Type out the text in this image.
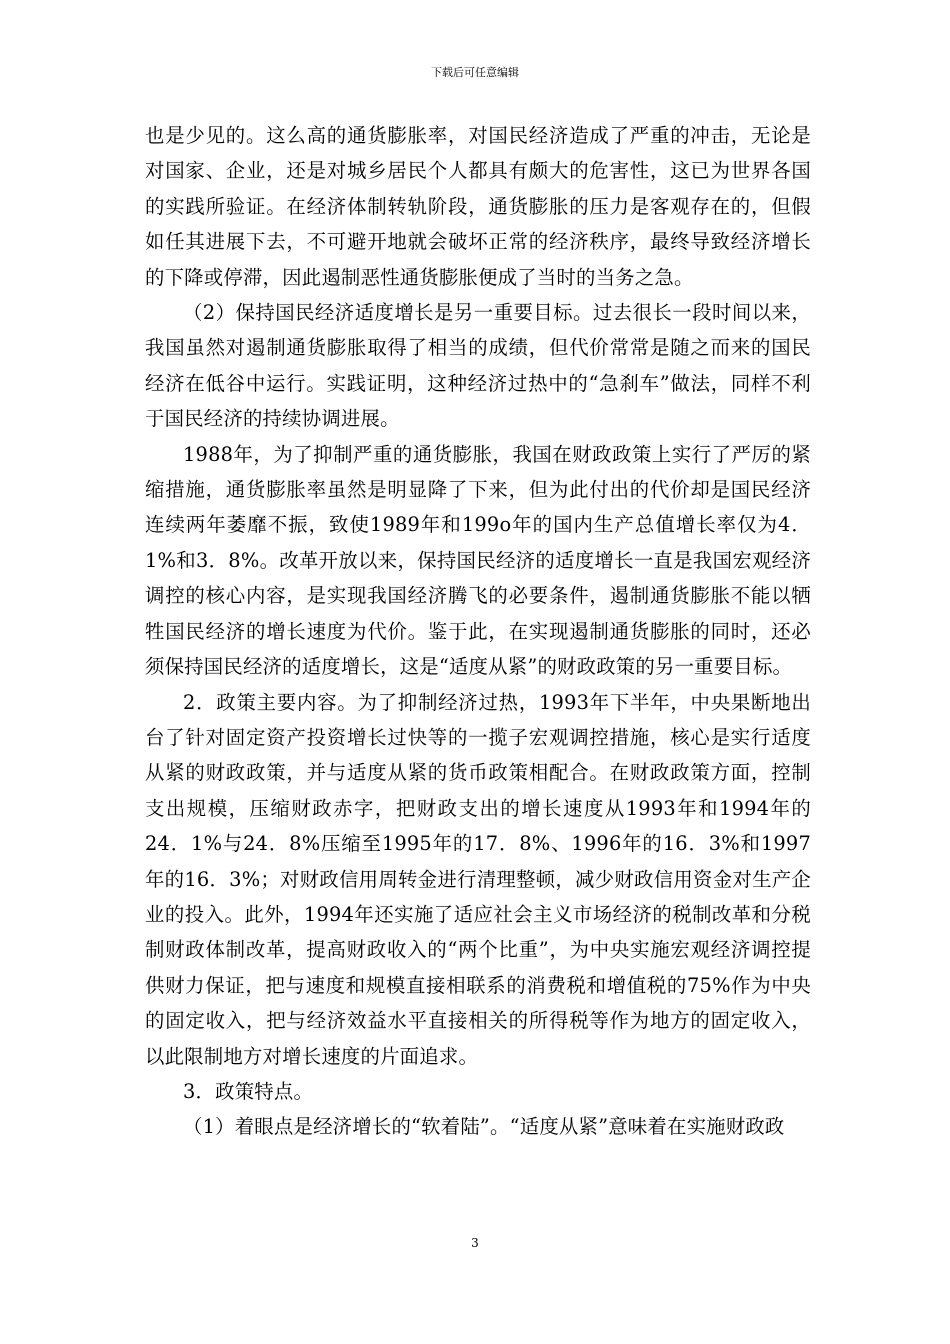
下载后可任意编辑

也是少见的。这么高的通货膨胀率，对国民经济造成了严重的冲击，无论是对国家、企业，还是对城乡居民个人都具有颇大的危害性，这已为世界各国的实践所验证。在经济体制转轨阶段，通货膨胀的压力是客观存在的，但假如任其进展下去，不可避开地就会破坏正常的经济秩序，最终导致经济增长的下降或停滞，因此遏制恶性通货膨胀便成了当时的当务之急。

（2）保持国民经济适度增长是另一重要目标。过去很长一段时间以来，我国虽然对遏制通货膨胀取得了相当的成绩，但代价常常是随之而来的国民经济在低谷中运行。实践证明，这种经济过热中的“急刹车”做法，同样不利于国民经济的持续协调进展。

1988年，为了抑制严重的通货膨胀，我国在财政政策上实行了严厉的紧缩措施，通货膨胀率虽然是明显降了下来，但为此付出的代价却是国民经济连续两年萎靡不振，致使1989年和199o年的国内生产总值增长率仅为4．1%和3．8%。改革开放以来，保持国民经济的适度增长一直是我国宏观经济调控的核心内容，是实现我国经济腾飞的必要条件，遏制通货膨胀不能以牺牲国民经济的增长速度为代价。鉴于此，在实现遏制通货膨胀的同时，还必须保持国民经济的适度增长，这是“适度从紧”的财政政策的另一重要目标。

2．政策主要内容。为了抑制经济过热，1993年下半年，中央果断地出台了针对固定资产投资增长过快等的一揽子宏观调控措施，核心是实行适度从紧的财政政策，并与适度从紧的货币政策相配合。在财政政策方面，控制支出规模，压缩财政赤字，把财政支出的增长速度从1993年和1994年的24．1%与24．8%压缩至1995年的17．8%、1996年的16．3%和1997年的16．3%；对财政信用周转金进行清理整顿，减少财政信用资金对生产企业的投入。此外，1994年还实施了适应社会主义市场经济的税制改革和分税制财政体制改革，提高财政收入的“两个比重”，为中央实施宏观经济调控提供财力保证，把与速度和规模直接相联系的消费税和增值税的75%作为中央的固定收入，把与经济效益水平直接相关的所得税等作为地方的固定收入，以此限制地方对增长速度的片面追求。

3．政策特点。

（1）着眼点是经济增长的“软着陆”。“适度从紧”意味着在实施财政政

3
